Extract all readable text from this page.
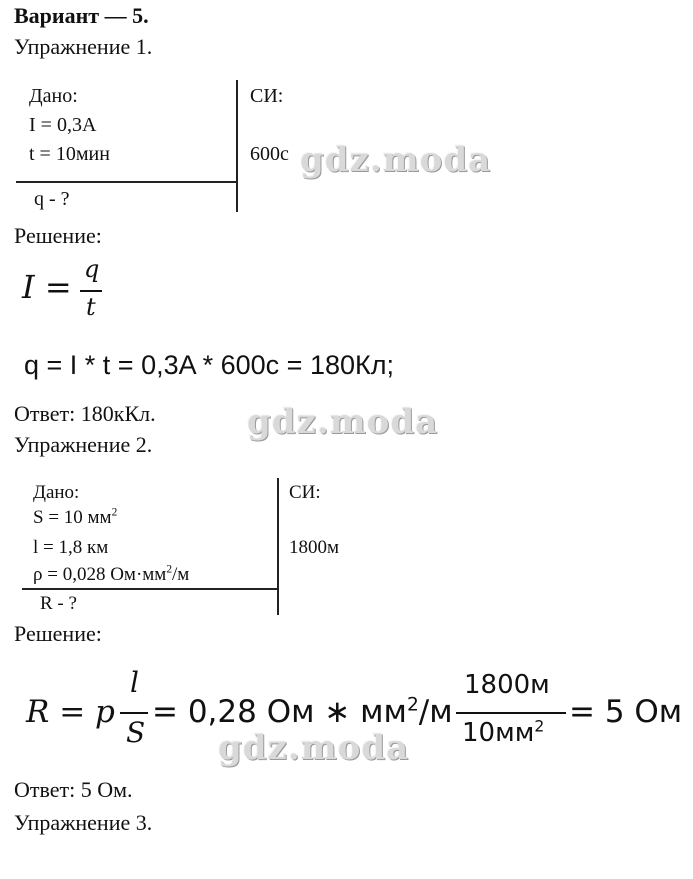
Вариант — 5.
Упражнение 1.
Дано:
I = 0,3А
t = 10мин
q - ?
СИ:
600с gdz.moda
Решение:
I = q
t
q = I * t = 0,3A * 600c = 180Кл;
Ответ: 180кКл.	gdz.moda
Упражнение 2.
Дано:
S = 10 $мм^2$
l = 1,8 км
ρ = 0,028 $Ом\cdot мм^2/м$
R - ?
СИ:
1800м
Решение:
R = p
l
S
= 0,28 Ом ∗ $мм^2/м$
1800м
$10мм^2 = 5$ Ом
gdz.moda
Ответ: 5 Ом.
Упражнение 3.
